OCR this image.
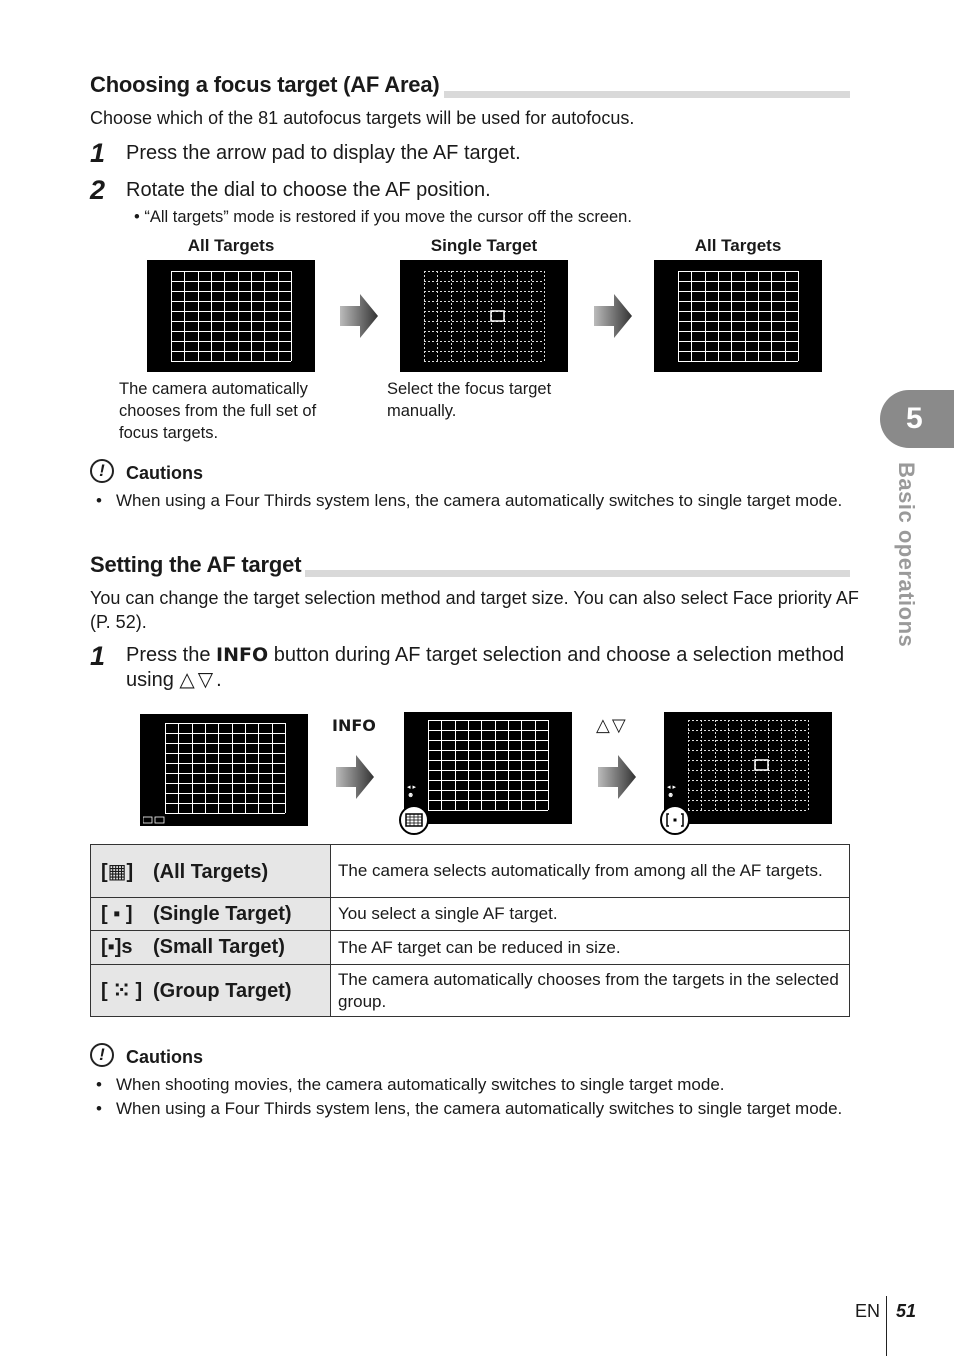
Choosing a focus target (AF Area)
Choose which of the 81 autofocus targets will be used for autofocus.
1 Press the arrow pad to display the AF target.
2 Rotate the dial to choose the AF position.
• “All targets” mode is restored if you move the cursor off the screen.
All Targets	Single Target	All Targets
The camera automatically chooses from the full set of focus targets.
Select the focus target manually.
!	Cautions
• When using a Four Thirds system lens, the camera automatically switches to single target mode.
Setting the AF target
You can change the target selection method and target size. You can also select Face priority AF (P. 52).
1 Press the INFO button during AF target selection and choose a selection method using △▽.
INFO
◂ ▸
☻
△▽
◂ ▸
☻
[▦] (All Targets)	The camera selects automatically from among all the AF targets.
[ ▪ ] (Single Target)	You select a single AF target.
[▪]s (Small Target)	The AF target can be reduced in size.
[ ⁙ ] (Group Target)	The camera automatically chooses from the targets in the selected group.
!	Cautions
• When shooting movies, the camera automatically switches to single target mode.
• When using a Four Thirds system lens, the camera automatically switches to single target mode.
5
Basic operations
EN 51
